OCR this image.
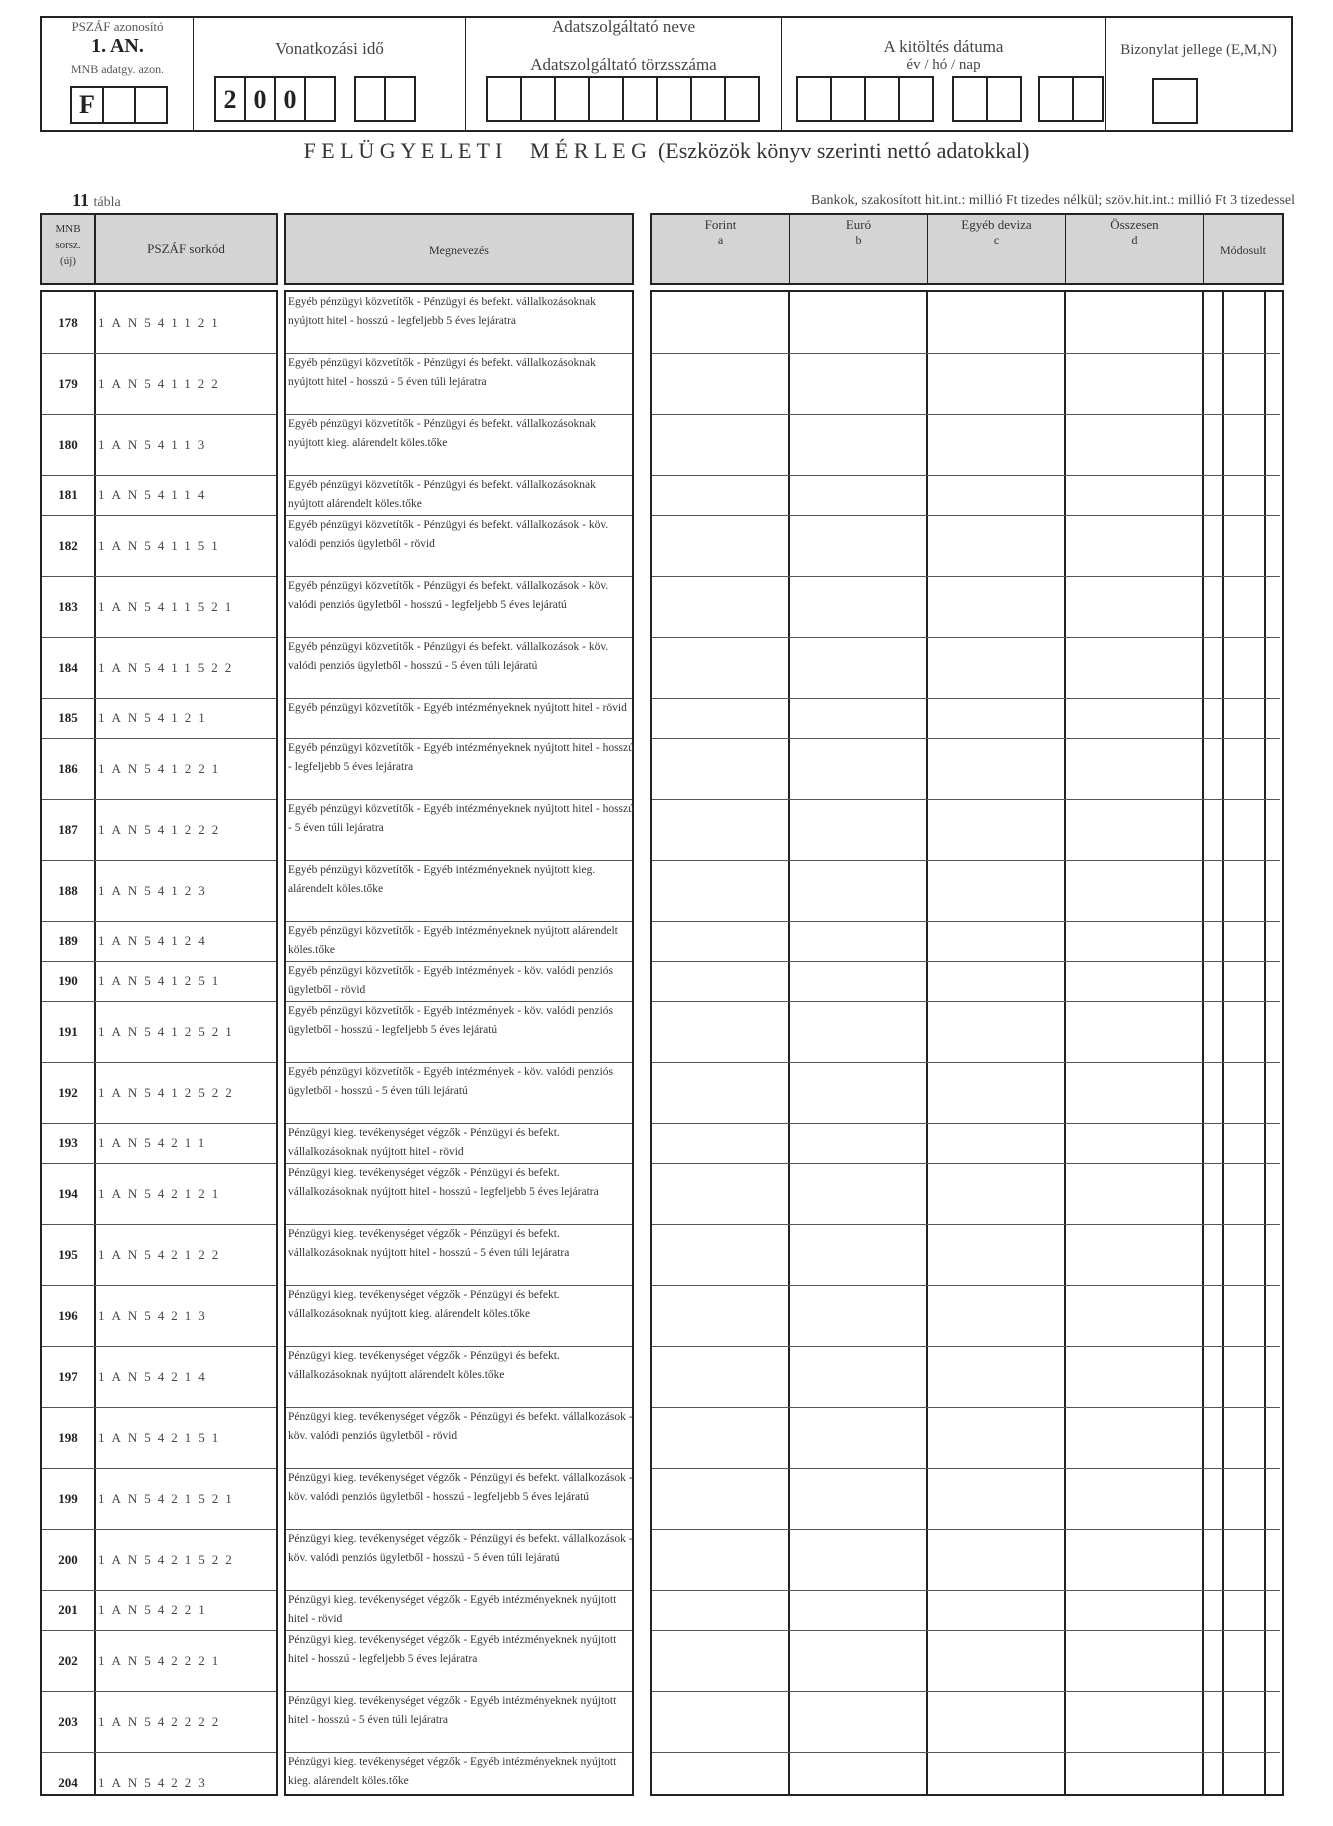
PSZÁF azonosító
1. AN.
MNB adatgy. azon.
F
Vonatkozási idő
2 0 0
Adatszolgáltató neve
Adatszolgáltató törzsszáma
A kitöltés dátuma
év / hó / nap
Bizonylat jellege (E,M,N)
F E L Ü G Y E L E T I     M É R L E G  (Eszközök könyv szerinti nettó adatokkal)
11 tábla	Bankok, szakosított hit.int.: millió Ft tizedes nélkül; szöv.hit.int.: millió Ft 3 tizedessel
MNB sorsz. (új)
PSZÁF sorkód	Megnevezés
Forint
a
Euró
b
Egyéb deviza
c
Összesen
d
Módosult
178	1AN541121
Egyéb pénzügyi közvetítők - Pénzügyi és befekt. vállalkozásoknak nyújtott hitel - hosszú - legfeljebb 5 éves lejáratra
179	1AN541122
Egyéb pénzügyi közvetítők - Pénzügyi és befekt. vállalkozásoknak nyújtott hitel - hosszú - 5 éven túli lejáratra
180	1AN54113
Egyéb pénzügyi közvetítők - Pénzügyi és befekt. vállalkozásoknak nyújtott kieg. alárendelt köles.tőke
181	1AN54114
Egyéb pénzügyi közvetítők - Pénzügyi és befekt. vállalkozásoknak nyújtott alárendelt köles.tőke
182	1AN541151
Egyéb pénzügyi közvetítők - Pénzügyi és befekt. vállalkozások - köv. valódi penziós ügyletből - rövid
183	1AN5411521
Egyéb pénzügyi közvetítők - Pénzügyi és befekt. vállalkozások - köv. valódi penziós ügyletből - hosszú - legfeljebb 5 éves lejáratú
184	1AN5411522
Egyéb pénzügyi közvetítők - Pénzügyi és befekt. vállalkozások - köv. valódi penziós ügyletből - hosszú - 5 éven túli lejáratú
185	1AN54121
Egyéb pénzügyi közvetítők - Egyéb intézményeknek nyújtott hitel - rövid
186	1AN541221
Egyéb pénzügyi közvetítők - Egyéb intézményeknek nyújtott hitel - hosszú - legfeljebb 5 éves lejáratra
187	1AN541222
Egyéb pénzügyi közvetítők - Egyéb intézményeknek nyújtott hitel - hosszú - 5 éven túli lejáratra
188	1AN54123
Egyéb pénzügyi közvetítők - Egyéb intézményeknek nyújtott kieg. alárendelt köles.tőke
189	1AN54124
Egyéb pénzügyi közvetítők - Egyéb intézményeknek nyújtott alárendelt köles.tőke
190	1AN541251
Egyéb pénzügyi közvetítők - Egyéb intézmények - köv. valódi penziós ügyletből - rövid
191	1AN5412521
Egyéb pénzügyi közvetítők - Egyéb intézmények - köv. valódi penziós ügyletből - hosszú - legfeljebb 5 éves lejáratú
192	1AN5412522
Egyéb pénzügyi közvetítők - Egyéb intézmények - köv. valódi penziós ügyletből - hosszú - 5 éven túli lejáratú
193	1AN54211
Pénzügyi kieg. tevékenységet végzők - Pénzügyi és befekt. vállalkozásoknak nyújtott hitel - rövid
194	1AN542121
Pénzügyi kieg. tevékenységet végzők - Pénzügyi és befekt. vállalkozásoknak nyújtott hitel - hosszú - legfeljebb 5 éves lejáratra
195	1AN542122
Pénzügyi kieg. tevékenységet végzők - Pénzügyi és befekt. vállalkozásoknak nyújtott hitel - hosszú - 5 éven túli lejáratra
196	1AN54213
Pénzügyi kieg. tevékenységet végzők - Pénzügyi és befekt. vállalkozásoknak nyújtott kieg. alárendelt köles.tőke
197	1AN54214
Pénzügyi kieg. tevékenységet végzők - Pénzügyi és befekt. vállalkozásoknak nyújtott alárendelt köles.tőke
198	1AN542151
Pénzügyi kieg. tevékenységet végzők - Pénzügyi és befekt. vállalkozások - köv. valódi penziós ügyletből - rövid
199	1AN5421521
Pénzügyi kieg. tevékenységet végzők - Pénzügyi és befekt. vállalkozások - köv. valódi penziós ügyletből - hosszú - legfeljebb 5 éves lejáratú
200	1AN5421522
Pénzügyi kieg. tevékenységet végzők - Pénzügyi és befekt. vállalkozások - köv. valódi penziós ügyletből - hosszú - 5 éven túli lejáratú
201	1AN54221
Pénzügyi kieg. tevékenységet végzők - Egyéb intézményeknek nyújtott hitel - rövid
202	1AN542221
Pénzügyi kieg. tevékenységet végzők - Egyéb intézményeknek nyújtott hitel - hosszú - legfeljebb 5 éves lejáratra
203	1AN542222
Pénzügyi kieg. tevékenységet végzők - Egyéb intézményeknek nyújtott hitel - hosszú - 5 éven túli lejáratra
204	1AN54223
Pénzügyi kieg. tevékenységet végzők - Egyéb intézményeknek nyújtott kieg. alárendelt köles.tőke
